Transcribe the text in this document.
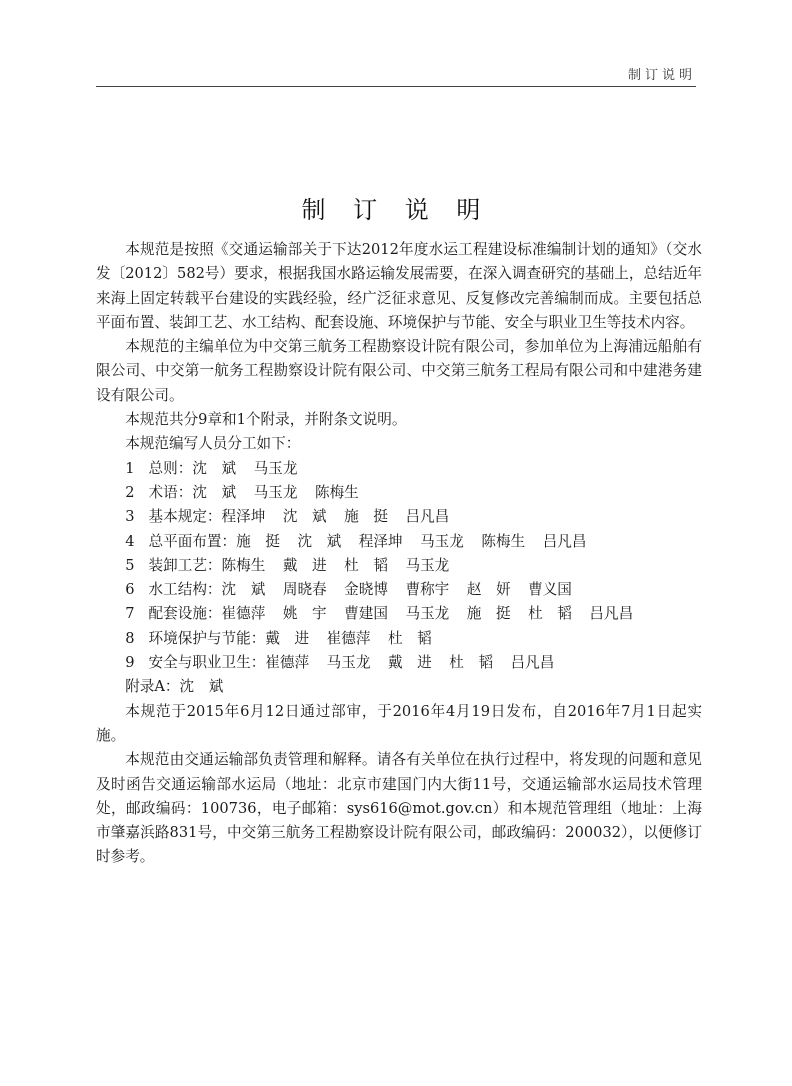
制订说明
制 订 说 明

本规范是按照《交通运输部关于下达2012年度水运工程建设标准编制计划的通知》（交水发〔2012〕582号）要求，根据我国水路运输发展需要，在深入调查研究的基础上，总结近年来海上固定转载平台建设的实践经验，经广泛征求意见、反复修改完善编制而成。主要包括总平面布置、装卸工艺、水工结构、配套设施、环境保护与节能、安全与职业卫生等技术内容。

本规范的主编单位为中交第三航务工程勘察设计院有限公司，参加单位为上海浦远船舶有限公司、中交第一航务工程勘察设计院有限公司、中交第三航务工程局有限公司和中建港务建设有限公司。

本规范共分9章和1个附录，并附条文说明。

本规范编写人员分工如下：

1 总则：沈　斌 马玉龙

2 术语：沈　斌 马玉龙 陈梅生

3 基本规定：程泽坤 沈　斌 施　挺 吕凡昌

4 总平面布置：施　挺 沈　斌 程泽坤 马玉龙 陈梅生 吕凡昌

5 装卸工艺：陈梅生 戴　进 杜　韬 马玉龙

6 水工结构：沈　斌 周晓春 金晓博 曹称宇 赵　妍 曹义国

7 配套设施：崔德萍 姚　宇 曹建国 马玉龙 施　挺 杜　韬 吕凡昌

8 环境保护与节能：戴　进 崔德萍 杜　韬

9 安全与职业卫生：崔德萍 马玉龙 戴　进 杜　韬 吕凡昌

附录A：沈　斌

本规范于2015年6月12日通过部审，于2016年4月19日发布，自2016年7月1日起实施。

本规范由交通运输部负责管理和解释。请各有关单位在执行过程中，将发现的问题和意见及时函告交通运输部水运局（地址：北京市建国门内大街11号，交通运输部水运局技术管理处，邮政编码：100736，电子邮箱：sys616@mot.gov.cn）和本规范管理组（地址：上海市肇嘉浜路831号，中交第三航务工程勘察设计院有限公司，邮政编码：200032），以便修订时参考。
